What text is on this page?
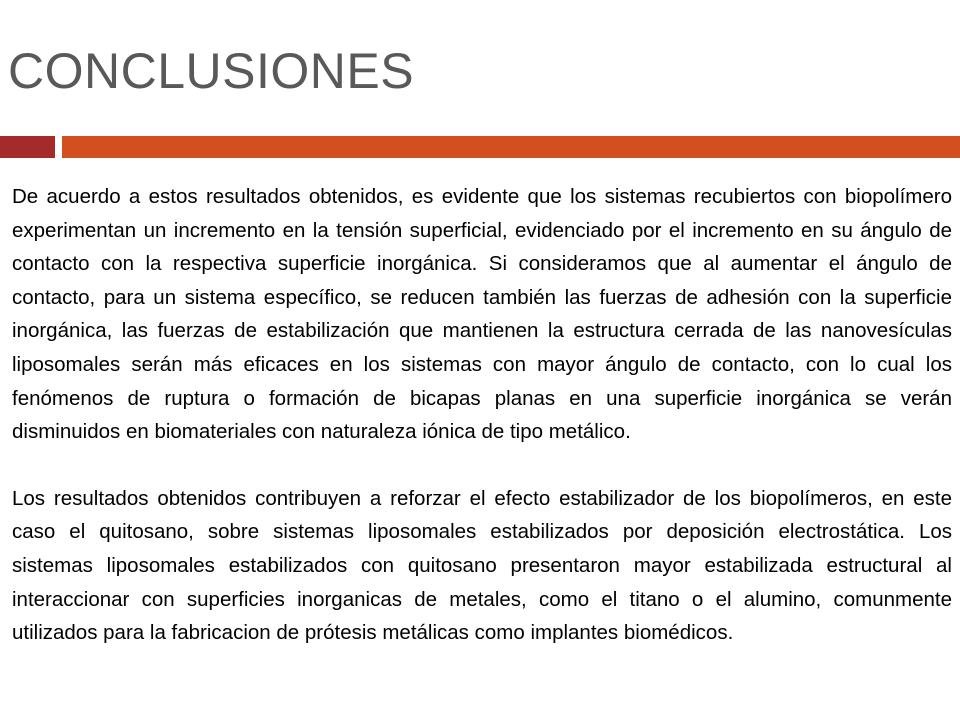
CONCLUSIONES

De acuerdo a estos resultados obtenidos, es evidente que los sistemas recubiertos con biopolímero experimentan un incremento en la tensión superficial, evidenciado por el incremento en su ángulo de contacto con la respectiva superficie inorgánica. Si consideramos que al aumentar el ángulo de contacto, para un sistema específico, se reducen también las fuerzas de adhesión con la superficie inorgánica, las fuerzas de estabilización que mantienen la estructura cerrada de las nanovesículas liposomales serán más eficaces en los sistemas con mayor ángulo de contacto, con lo cual los fenómenos de ruptura o formación de bicapas planas en una superficie inorgánica se verán disminuidos en biomateriales con naturaleza iónica de tipo metálico.

Los resultados obtenidos contribuyen a reforzar el efecto estabilizador de los biopolímeros, en este caso el quitosano, sobre sistemas liposomales estabilizados por deposición electrostática. Los sistemas liposomales estabilizados con quitosano presentaron mayor estabilizada estructural al interaccionar con superficies inorganicas de metales, como el titano o el alumino, comunmente utilizados para la fabricacion de prótesis metálicas como implantes biomédicos.
